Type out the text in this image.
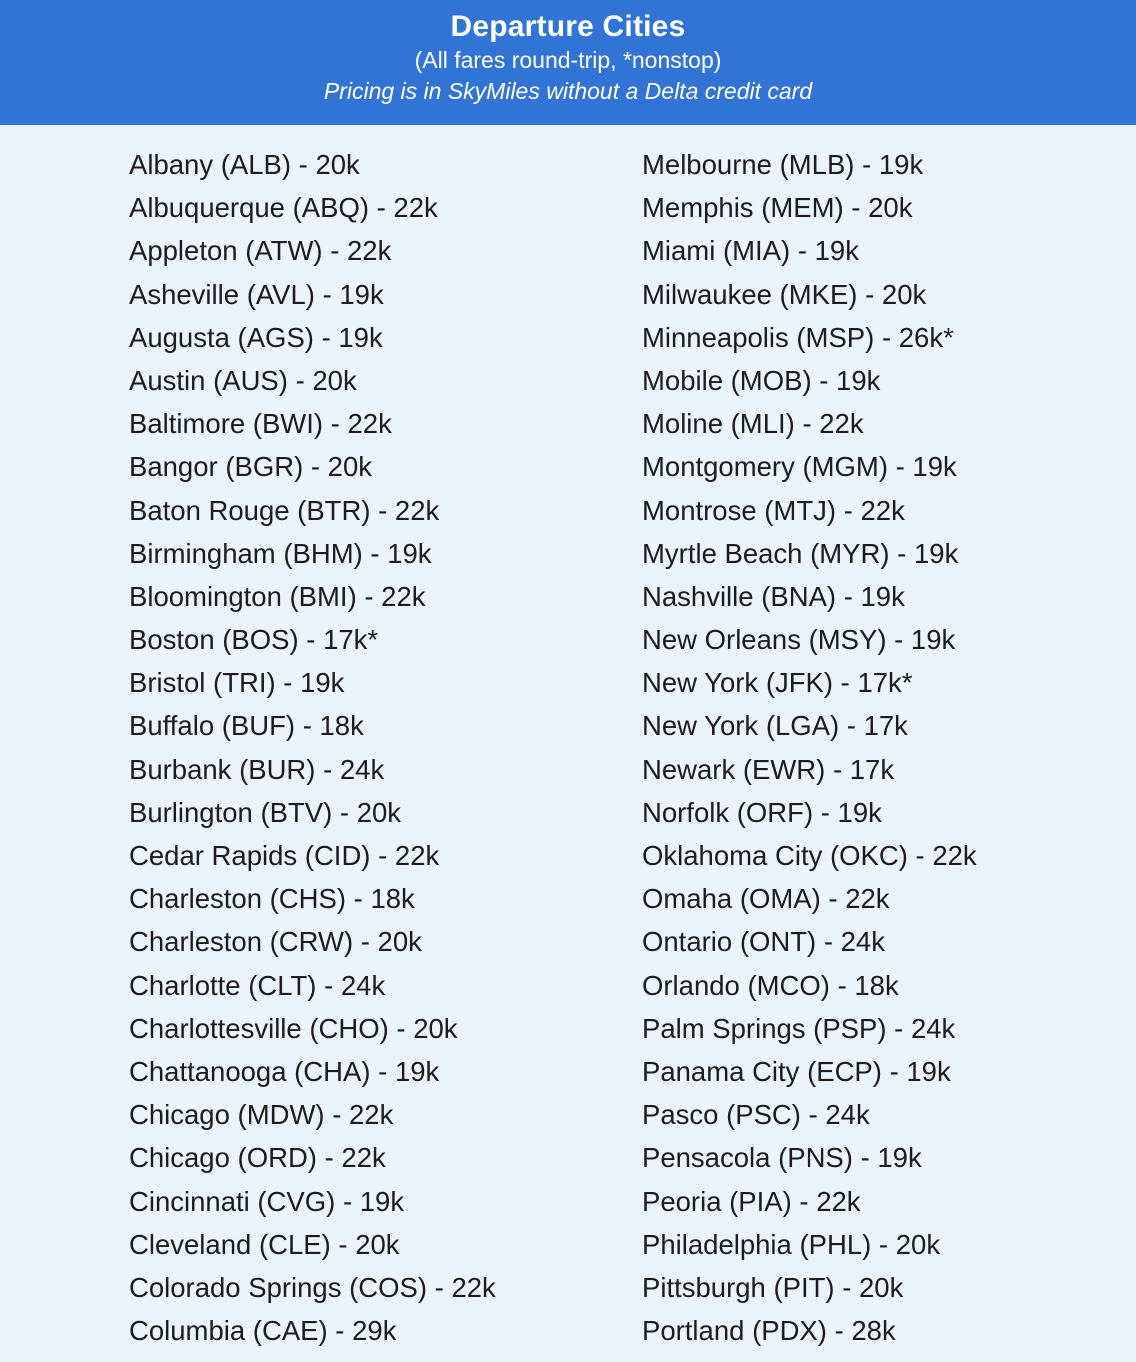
Departure Cities
(All fares round-trip, *nonstop)
Pricing is in SkyMiles without a Delta credit card
Albany (ALB) - 20k
Albuquerque (ABQ) - 22k
Appleton (ATW) - 22k
Asheville (AVL) - 19k
Augusta (AGS) - 19k
Austin (AUS) - 20k
Baltimore (BWI) - 22k
Bangor (BGR) - 20k
Baton Rouge (BTR) - 22k
Birmingham (BHM) - 19k
Bloomington (BMI) - 22k
Boston (BOS) - 17k*
Bristol (TRI) - 19k
Buffalo (BUF) - 18k
Burbank (BUR) - 24k
Burlington (BTV) - 20k
Cedar Rapids (CID) - 22k
Charleston (CHS) - 18k
Charleston (CRW) - 20k
Charlotte (CLT) - 24k
Charlottesville (CHO) - 20k
Chattanooga (CHA) - 19k
Chicago (MDW) - 22k
Chicago (ORD) - 22k
Cincinnati (CVG) - 19k
Cleveland (CLE) - 20k
Colorado Springs (COS) - 22k
Columbia (CAE) - 29k
Melbourne (MLB) - 19k
Memphis (MEM) - 20k
Miami (MIA) - 19k
Milwaukee (MKE) - 20k
Minneapolis (MSP) - 26k*
Mobile (MOB) - 19k
Moline (MLI) - 22k
Montgomery (MGM) - 19k
Montrose (MTJ) - 22k
Myrtle Beach (MYR) - 19k
Nashville (BNA) - 19k
New Orleans (MSY) - 19k
New York (JFK) - 17k*
New York (LGA) - 17k
Newark (EWR) - 17k
Norfolk (ORF) - 19k
Oklahoma City (OKC) - 22k
Omaha (OMA) - 22k
Ontario (ONT) - 24k
Orlando (MCO) - 18k
Palm Springs (PSP) - 24k
Panama City (ECP) - 19k
Pasco (PSC) - 24k
Pensacola (PNS) - 19k
Peoria (PIA) - 22k
Philadelphia (PHL) - 20k
Pittsburgh (PIT) - 20k
Portland (PDX) - 28k
